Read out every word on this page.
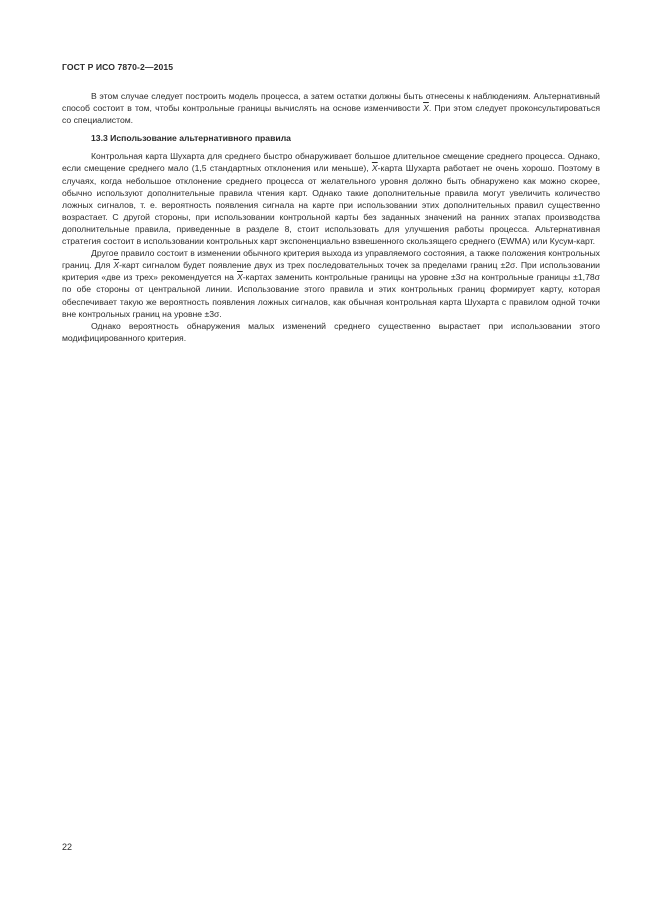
ГОСТ Р ИСО 7870-2—2015

В этом случае следует построить модель процесса, а затем остатки должны быть отнесены к наблюдениям. Альтернативный способ состоит в том, чтобы контрольные границы вычислять на основе изменчивости $\overline{X}$. При этом следует проконсультироваться со специалистом.

13.3 Использование альтернативного правила

Контрольная карта Шухарта для среднего быстро обнаруживает большое длительное смещение среднего процесса. Однако, если смещение среднего мало (1,5 стандартных отклонения или меньше), $\overline{X}$-карта Шухарта работает не очень хорошо. Поэтому в случаях, когда небольшое отклонение среднего процесса от желательного уровня должно быть обнаружено как можно скорее, обычно используют дополнительные правила чтения карт. Однако такие дополнительные правила могут увеличить количество ложных сигналов, т. е. вероятность появления сигнала на карте при использовании этих дополнительных правил существенно возрастает. С другой стороны, при использовании контрольной карты без заданных значений на ранних этапах производства дополнительные правила, приведенные в разделе 8, стоит использовать для улучшения работы процесса. Альтернативная стратегия состоит в использовании контрольных карт экспоненциально взвешенного скользящего среднего (EWMA) или Кусум-карт.

Другое правило состоит в изменении обычного критерия выхода из управляемого состояния, а также положения контрольных границ. Для $\overline{X}$-карт сигналом будет появление двух из трех последовательных точек за пределами границ ±2σ. При использовании критерия «две из трех» рекомендуется на $\overline{X}$-картах заменить контрольные границы на уровне ±3σ на контрольные границы ±1,78σ по обе стороны от центральной линии. Использование этого правила и этих контрольных границ формирует карту, которая обеспечивает такую же вероятность появления ложных сигналов, как обычная контрольная карта Шухарта с правилом одной точки вне контрольных границ на уровне ±3σ.

Однако вероятность обнаружения малых изменений среднего существенно вырастает при использовании этого модифицированного критерия.

22
